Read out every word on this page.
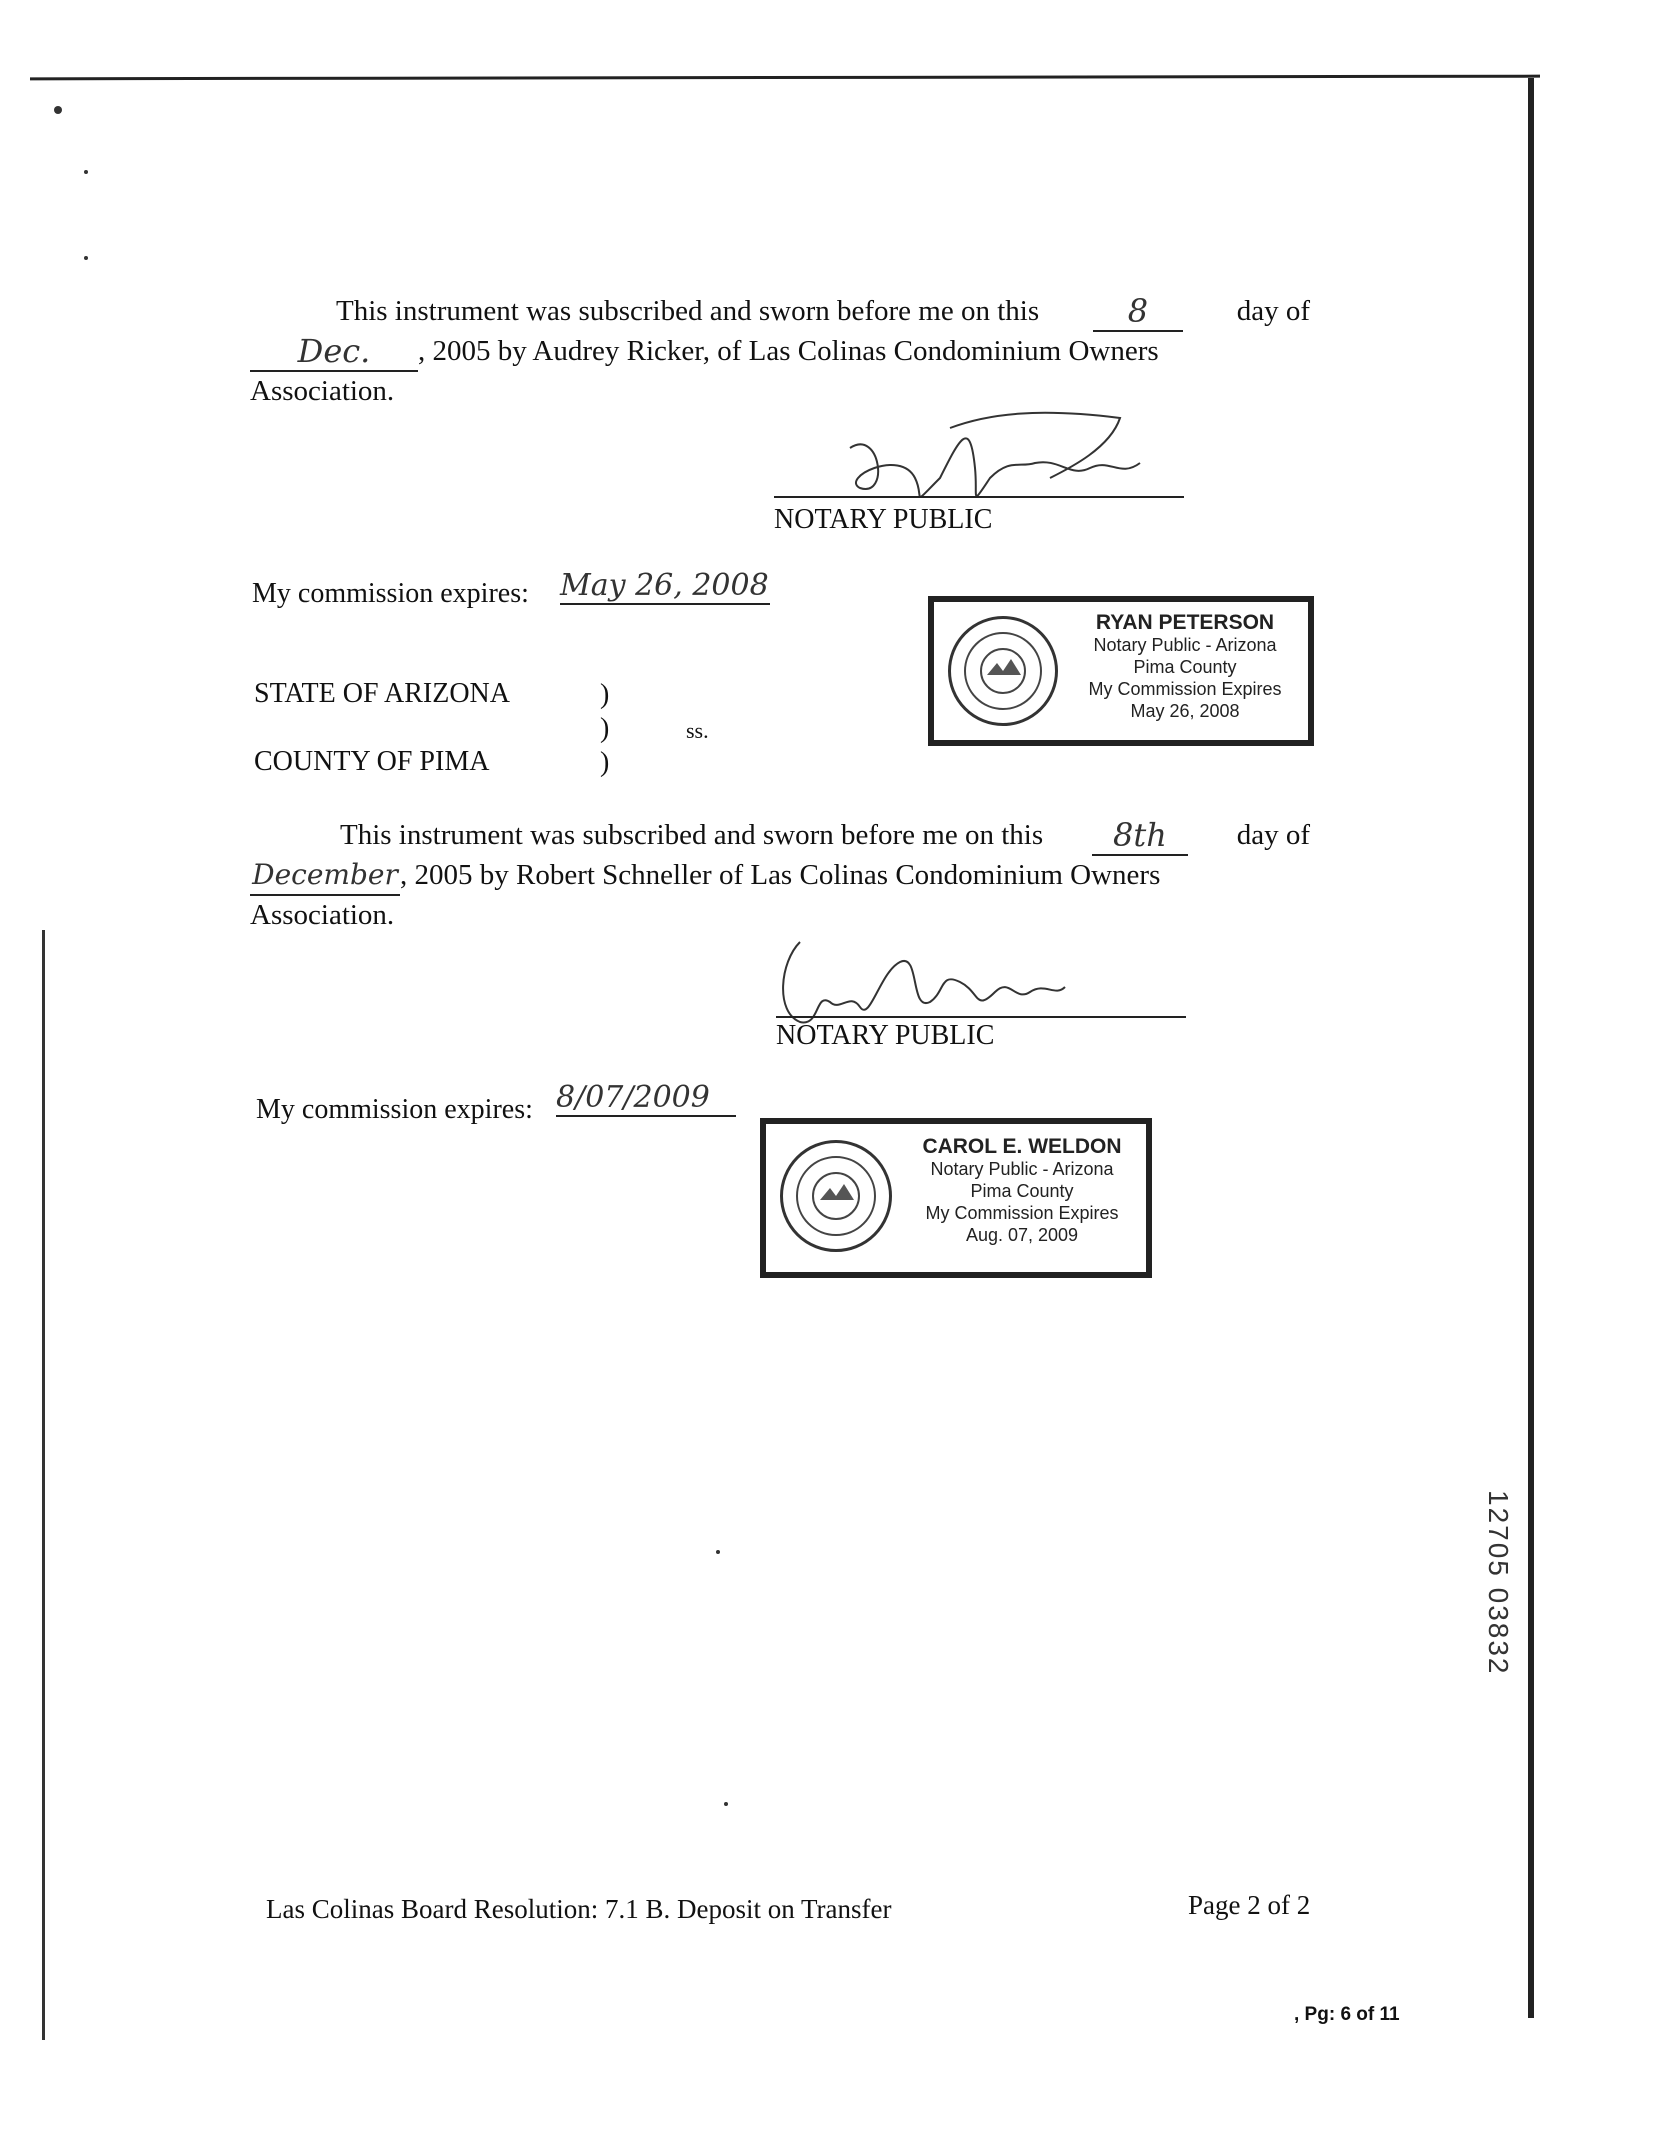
This instrument was subscribed and sworn before me on this	8	day of
Dec.	, 2005 by Audrey Ricker, of Las Colinas Condominium Owners
Association.
NOTARY PUBLIC
My commission expires: May 26, 2008
RYAN PETERSON
Notary Public - Arizona
Pima County
My Commission Expires
May 26, 2008
STATE OF ARIZONA
COUNTY OF PIMA
)
)
)
ss.
This instrument was subscribed and sworn before me on this	8th	day of
December , 2005 by Robert Schneller of Las Colinas Condominium Owners
Association.
NOTARY PUBLIC
My commission expires: 8/07/2009
CAROL E. WELDON
Notary Public - Arizona
Pima County
My Commission Expires
Aug. 07, 2009
12705 03832
Las Colinas Board Resolution: 7.1 B. Deposit on Transfer	Page 2 of 2
, Pg: 6 of 11
